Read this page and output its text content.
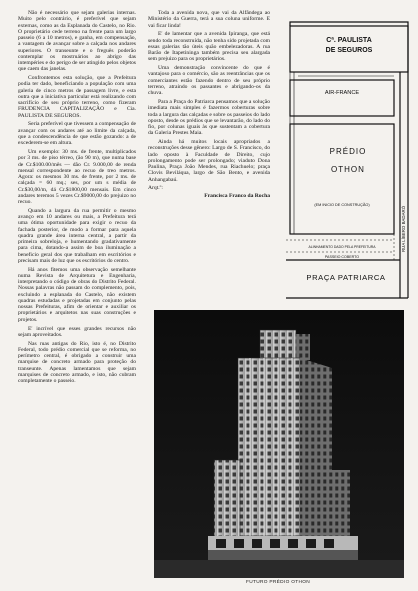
Não é necessário que sejam galerias internas. Muito pelo contrário, é preferível que sejam externas, como as da Esplanada do Castelo, no Rio. O proprietário cede terreno na frente para um largo passeio (6 a 10 metros), e ganha, em compensação, a vantagem de avançar sobre a calçada nos andares superiores. O transeunte e o freguês poderão contemplar os mostruários ao abrigo das intempéries e do perigo de ser atingido pelos objetos que caem das janelas.

Confrontemos esta solução, que a Prefeitura podia ter dado, beneficiando a população com uma galeria de cinco metros de passagem livre, e esta outra que a iniciativa particular está realizando com sacrifício de seu próprio terreno, como fizeram FRUDENCIA CAPITALIZAÇÃO e Cia. PAULISTA DE SEGUROS.

Seria preferível que tivessem a compensação de avançar com os andares até ao limite da calçada, que a condescendência de que estão gozando: a de excederem-se em altura.

Um exemplo: 30 ms. de frente, multiplicados por 3 ms. de piso térreo, (ão 90 m), que numa base de Cr.$100.00/mês — dão Cr. 9.000,00 de renda mensal correspondente ao recuo de treo metros. Agora: os mesmos 30 ms. de frente, por 2 ms. de calçada = 60 mq.; ses, por um s média de Cr.$30,00/m, dá Cr.$1800,00 mensais. Em cinco andares teremos 5 vezes Cr.$9000,00 do prejuizo no recuo.

Quando a largura da rua permitir o mesmo avanço em 10 andares ou mais, a Prefeitura terá uma ótima oportunidade para exigir o recuo da fachada posterior, de modo a formar para aquela quadra grande área interna central, a partir da primeira sobreloja, e humentando gradativamente para cima, dotando-a assim de boa iluminação a beneficio geral dos que trabalham em escritórios e precisam mais de luz que os escritórios do centro.

Há anos fitemos uma observação semelhante numa Revista de Arquitetura e Engenharia, interpretando o código de obras do Distrito Federal. Nossas palavras não passam do complemento, pois, excluindo a esplanada do Castelo, não existem quadras estudadas e projetadas em conjunto pelas nossas Prefeituras, afim de orientar e auxiliar os proprietários e arquitetos nas suas construções e projetos.

E' incrível que esses grandes recursos não sejam aproveitados.

Nas ruas antigas do Rio, isto é, no Distrito Federal, todo prédio comercial que se reforma, no perímetro central, é obrigado a construir uma marquise de concreto armado para proteção do transeunte. Apenas lamentamos que sejam marquises de concreto armado, e isto, não cubram completamente o passeio.

Toda a avenida nova, que vai da Alfândega ao Ministério da Guerra, terá a sua coluna uniforme. E vai ficar linda!

E' de lamentar que a avenida Ipiranga, que está sendo toda reconstruída, não tenha sido projetada com essas galerias tão úteis quão embelezadoras. A rua Barão de Itapetininga também precisa seu alargada sem prejuizo para os proprietários.

Uma demonstração convincente do que é vantajoso para o comércio, são as reentrâncias que os comerciantes estão fazendo dentro de seu próprio terreno, atraindo os passantes e abrigando-os da chuva.

Para a Praça do Patriarca pensamos que a solução imediata mais simples é fazermos coberturas sobre toda a largura das calçadas e sobre os passeios do lado oposto, desde os prédios que se levantarão, do lado do fio, por colunas iguais às que sustentam a cobertura da Galeria Prestes Maia.

Ainda há muitos locais apropriados a reconstruções desse gênero: Largo de S. Francisco, do lado oposto à Faculdade de Direito, cujo prolongamento pode ser prolongado; viaduto Dona Paulina, Praça João Mendes, rua Riachuelo; praça Clovis Beviláqua, largo de São Bento, e avenida Anhangabaú.

Arqt.º:
Francisca Franco da Rocha

Cª. PAULISTA
DE SEGUROS
AIR-FRANCE
PRÉDIO
OTHON
(EM INICIO DE CONSTRUÇÃO)
ALINHAMENTO DADO PELA PREFEITURA
PASSEIO COBERTO
PRAÇA PATRIARCA
RUA LÍBERO BADARÓ
FUTURO PRÉDIO OTHON
